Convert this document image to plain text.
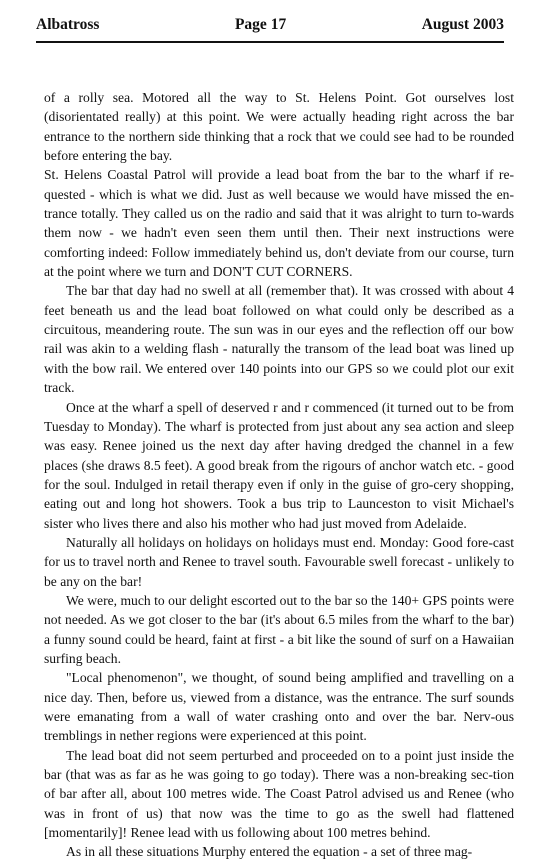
Albatross	Page 17	August 2003

of a rolly sea. Motored all the way to St. Helens Point. Got ourselves lost (disorientated really) at this point. We were actually heading right across the bar entrance to the northern side thinking that a rock that we could see had to be rounded before entering the bay.

St. Helens Coastal Patrol will provide a lead boat from the bar to the wharf if re-quested - which is what we did. Just as well because we would have missed the en-trance totally. They called us on the radio and said that it was alright to turn to-wards them now - we hadn't even seen them until then. Their next instructions were comforting indeed: Follow immediately behind us, don't deviate from our course, turn at the point where we turn and DON'T CUT CORNERS.

The bar that day had no swell at all (remember that). It was crossed with about 4 feet beneath us and the lead boat followed on what could only be described as a circuitous, meandering route. The sun was in our eyes and the reflection off our bow rail was akin to a welding flash - naturally the transom of the lead boat was lined up with the bow rail. We entered over 140 points into our GPS so we could plot our exit track.

Once at the wharf a spell of deserved r and r commenced (it turned out to be from Tuesday to Monday). The wharf is protected from just about any sea action and sleep was easy. Renee joined us the next day after having dredged the channel in a few places (she draws 8.5 feet). A good break from the rigours of anchor watch etc. - good for the soul. Indulged in retail therapy even if only in the guise of gro-cery shopping, eating out and long hot showers. Took a bus trip to Launceston to visit Michael's sister who lives there and also his mother who had just moved from Adelaide.

Naturally all holidays on holidays on holidays must end. Monday: Good fore-cast for us to travel north and Renee to travel south. Favourable swell forecast - unlikely to be any on the bar!

We were, much to our delight escorted out to the bar so the 140+ GPS points were not needed. As we got closer to the bar (it's about 6.5 miles from the wharf to the bar) a funny sound could be heard, faint at first - a bit like the sound of surf on a Hawaiian surfing beach.

"Local phenomenon", we thought, of sound being amplified and travelling on a nice day. Then, before us, viewed from a distance, was the entrance. The surf sounds were emanating from a wall of water crashing onto and over the bar. Nerv-ous tremblings in nether regions were experienced at this point.

The lead boat did not seem perturbed and proceeded on to a point just inside the bar (that was as far as he was going to go today). There was a non-breaking sec-tion of bar after all, about 100 metres wide. The Coast Patrol advised us and Renee (who was in front of us) that now was the time to go as the swell had flattened [momentarily]! Renee lead with us following about 100 metres behind.

As in all these situations Murphy entered the equation - a set of three mag-
